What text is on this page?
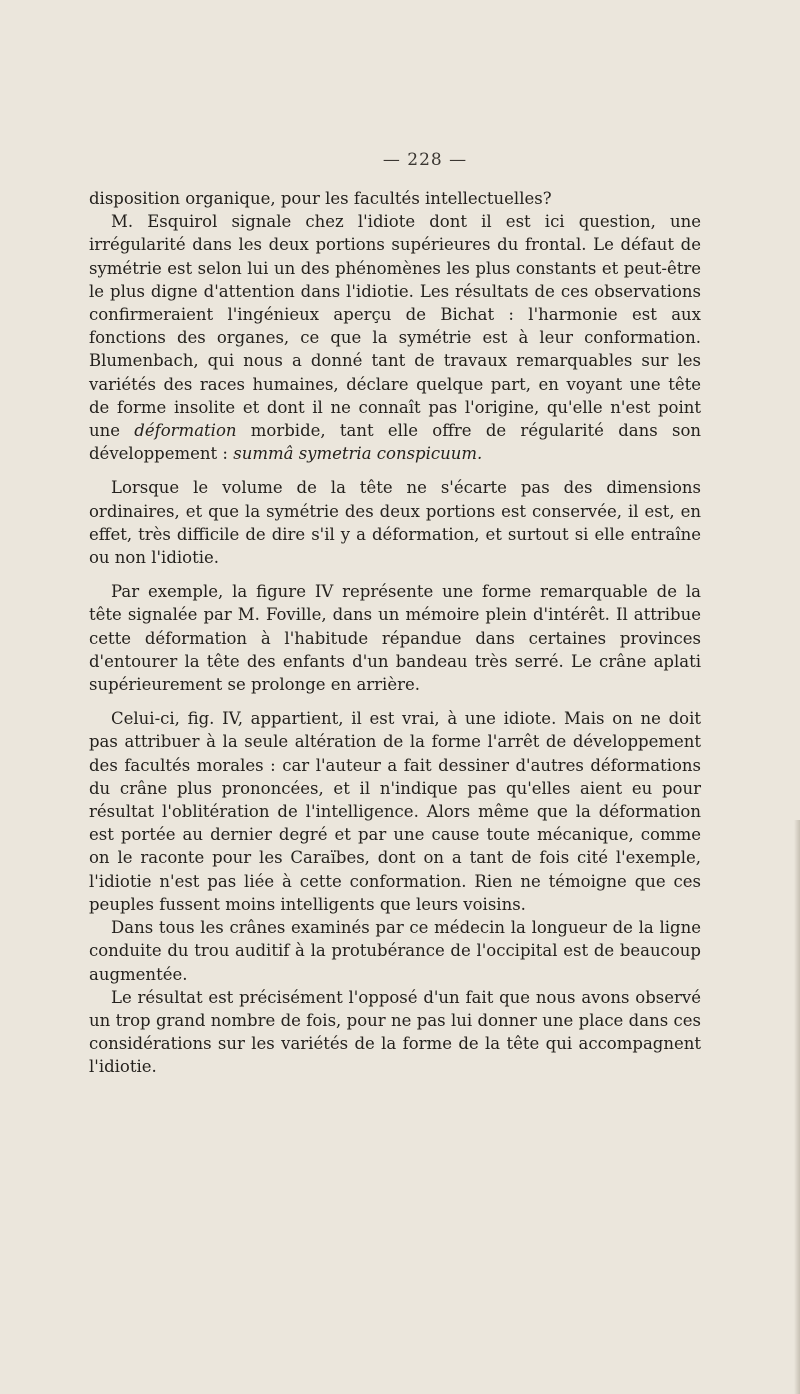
— 228 —

disposition organique, pour les facultés intellectuelles?

M. Esquirol signale chez l'idiote dont il est ici question, une irrégularité dans les deux portions supérieures du frontal. Le défaut de symétrie est selon lui un des phénomènes les plus constants et peut-être le plus digne d'attention dans l'idiotie. Les résultats de ces observations confirmeraient l'ingénieux aperçu de Bichat : l'harmonie est aux fonctions des organes, ce que la symétrie est à leur conformation. Blumenbach, qui nous a donné tant de travaux remarquables sur les variétés des races humaines, déclare quelque part, en voyant une tête de forme insolite et dont il ne connaît pas l'origine, qu'elle n'est point une déformation morbide, tant elle offre de régularité dans son développement : summâ symetria conspicuum.

Lorsque le volume de la tête ne s'écarte pas des dimensions ordinaires, et que la symétrie des deux portions est conservée, il est, en effet, très difficile de dire s'il y a déformation, et surtout si elle entraîne ou non l'idiotie.

Par exemple, la figure IV représente une forme remarquable de la tête signalée par M. Foville, dans un mémoire plein d'intérêt. Il attribue cette déformation à l'habitude répandue dans certaines provinces d'entourer la tête des enfants d'un bandeau très serré. Le crâne aplati supérieurement se prolonge en arrière.

Celui-ci, fig. IV, appartient, il est vrai, à une idiote. Mais on ne doit pas attribuer à la seule altération de la forme l'arrêt de développement des facultés morales : car l'auteur a fait dessiner d'autres déformations du crâne plus prononcées, et il n'indique pas qu'elles aient eu pour résultat l'oblitération de l'intelligence. Alors même que la déformation est portée au dernier degré et par une cause toute mécanique, comme on le raconte pour les Caraïbes, dont on a tant de fois cité l'exemple, l'idiotie n'est pas liée à cette conformation. Rien ne témoigne que ces peuples fussent moins intelligents que leurs voisins.

Dans tous les crânes examinés par ce médecin la longueur de la ligne conduite du trou auditif à la protubérance de l'occipital est de beaucoup augmentée.

Le résultat est précisément l'opposé d'un fait que nous avons observé un trop grand nombre de fois, pour ne pas lui donner une place dans ces considérations sur les variétés de la forme de la tête qui accompagnent l'idiotie.
